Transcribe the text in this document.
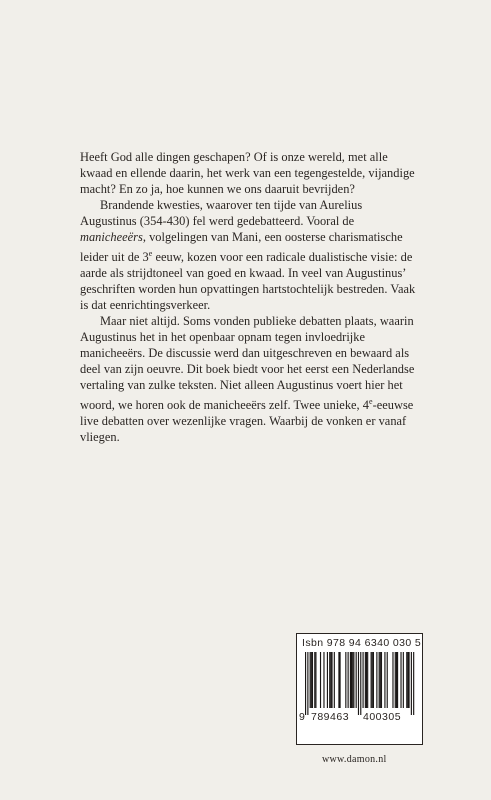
Heeft God alle dingen geschapen? Of is onze wereld, met alle kwaad en ellende daarin, het werk van een tegengestelde, vijandige macht? En zo ja, hoe kunnen we ons daaruit bevrijden?

Brandende kwesties, waarover ten tijde van Aurelius Augustinus (354-430) fel werd gedebatteerd. Vooral de manicheeërs, volgelingen van Mani, een oosterse charismatische leider uit de 3e eeuw, kozen voor een radicale dualistische visie: de aarde als strijdtoneel van goed en kwaad. In veel van Augustinus’ geschriften worden hun opvattingen hartstochtelijk bestreden. Vaak is dat eenrichtingsverkeer.

Maar niet altijd. Soms vonden publieke debatten plaats, waarin Augustinus het in het openbaar opnam tegen invloedrijke manicheeërs. De discussie werd dan uitgeschreven en bewaard als deel van zijn oeuvre. Dit boek biedt voor het eerst een Nederlandse vertaling van zulke teksten. Niet alleen Augustinus voert hier het woord, we horen ook de manicheeërs zelf. Twee unieke, 4e-eeuwse live debatten over wezenlijke vragen. Waarbij de vonken er vanaf vliegen.

Isbn 978 94 6340 030 5
9 789463 400305
www.damon.nl
